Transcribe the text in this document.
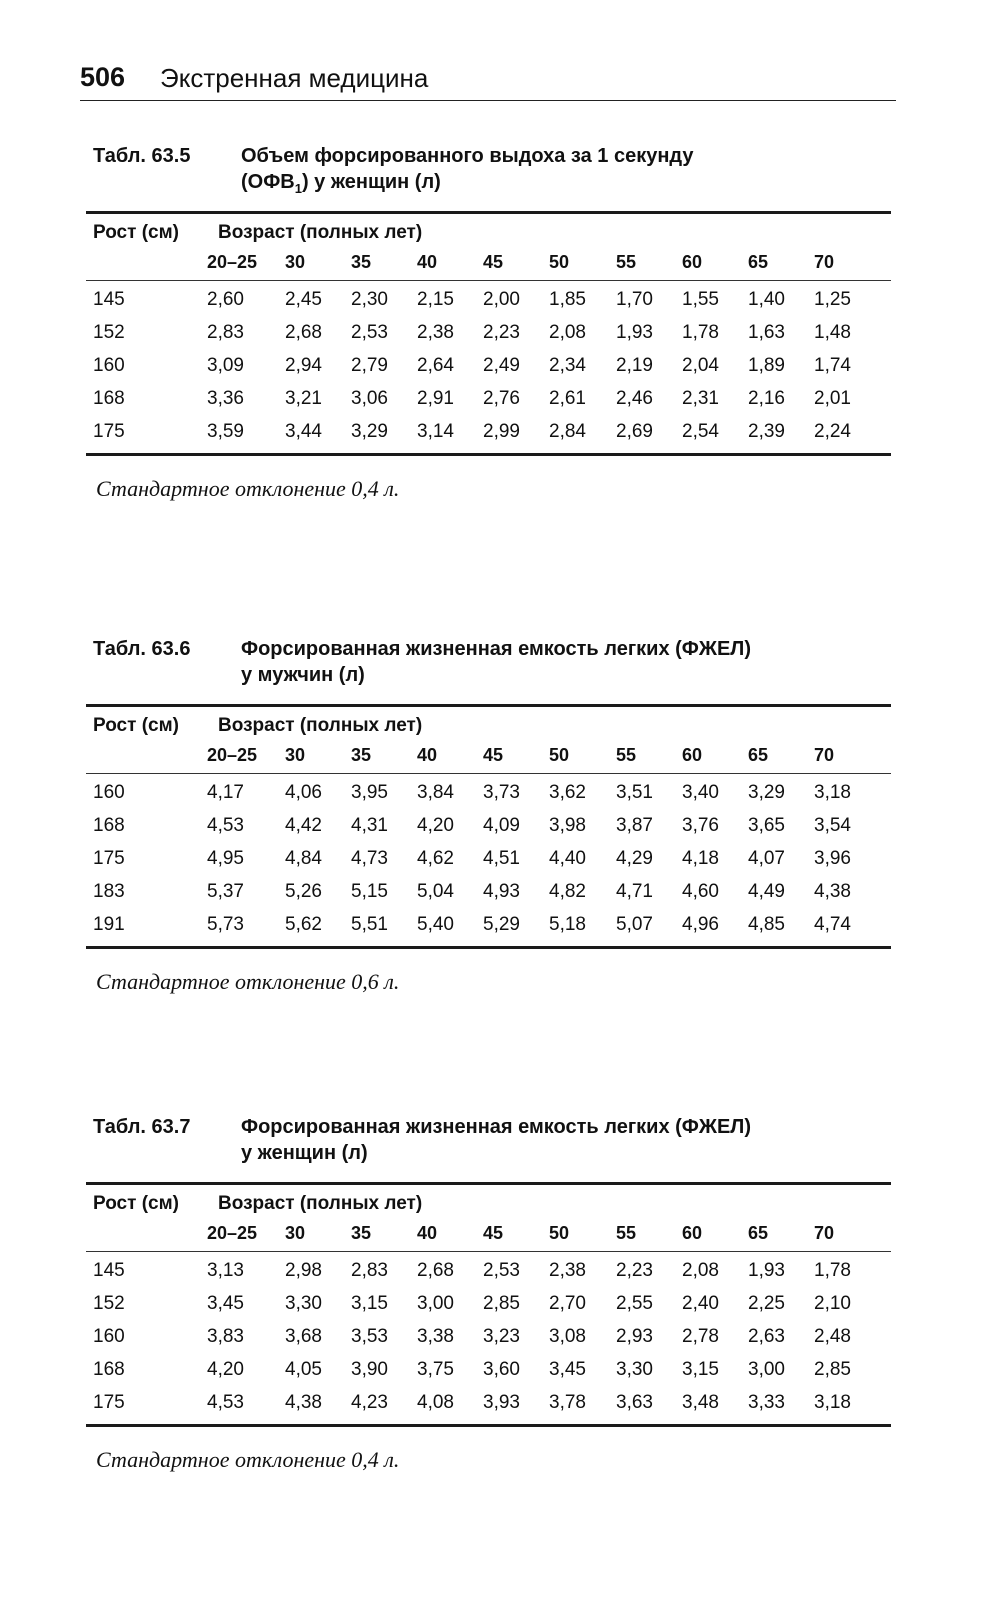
506 Экстренная медицина
Табл. 63.5	Объем форсированного выдоха за 1 секунду
$(ОФВ_1)$ у женщин (л)
Рост (см) Возраст (полных лет)
20–25 30	35	40	45	50	55	60	65	70
145	2,60 2,45 2,30 2,15 2,00 1,85 1,70 1,55 1,40 1,25
152	2,83 2,68 2,53 2,38 2,23 2,08 1,93 1,78 1,63 1,48
160	3,09 2,94 2,79 2,64 2,49 2,34 2,19 2,04 1,89 1,74
168	3,36 3,21 3,06 2,91 2,76 2,61 2,46 2,31 2,16 2,01
175	3,59 3,44 3,29 3,14 2,99 2,84 2,69 2,54 2,39 2,24
Стандартное отклонение 0,4 л.
Табл. 63.6	Форсированная жизненная емкость легких (ФЖЕЛ)
у мужчин (л)
Рост (см) Возраст (полных лет)
20–25 30	35	40	45	50	55	60	65	70
160	4,17 4,06 3,95 3,84 3,73 3,62 3,51 3,40 3,29 3,18
168	4,53 4,42 4,31 4,20 4,09 3,98 3,87 3,76 3,65 3,54
175	4,95 4,84 4,73 4,62 4,51 4,40 4,29 4,18 4,07 3,96
183	5,37 5,26 5,15 5,04 4,93 4,82 4,71 4,60 4,49 4,38
191	5,73 5,62 5,51 5,40 5,29 5,18 5,07 4,96 4,85 4,74
Стандартное отклонение 0,6 л.
Табл. 63.7	Форсированная жизненная емкость легких (ФЖЕЛ)
у женщин (л)
Рост (см) Возраст (полных лет)
20–25 30	35	40	45	50	55	60	65	70
145	3,13 2,98 2,83 2,68 2,53 2,38 2,23 2,08 1,93 1,78
152	3,45 3,30 3,15 3,00 2,85 2,70 2,55 2,40 2,25 2,10
160	3,83 3,68 3,53 3,38 3,23 3,08 2,93 2,78 2,63 2,48
168	4,20 4,05 3,90 3,75 3,60 3,45 3,30 3,15 3,00 2,85
175	4,53 4,38 4,23 4,08 3,93 3,78 3,63 3,48 3,33 3,18
Стандартное отклонение 0,4 л.
